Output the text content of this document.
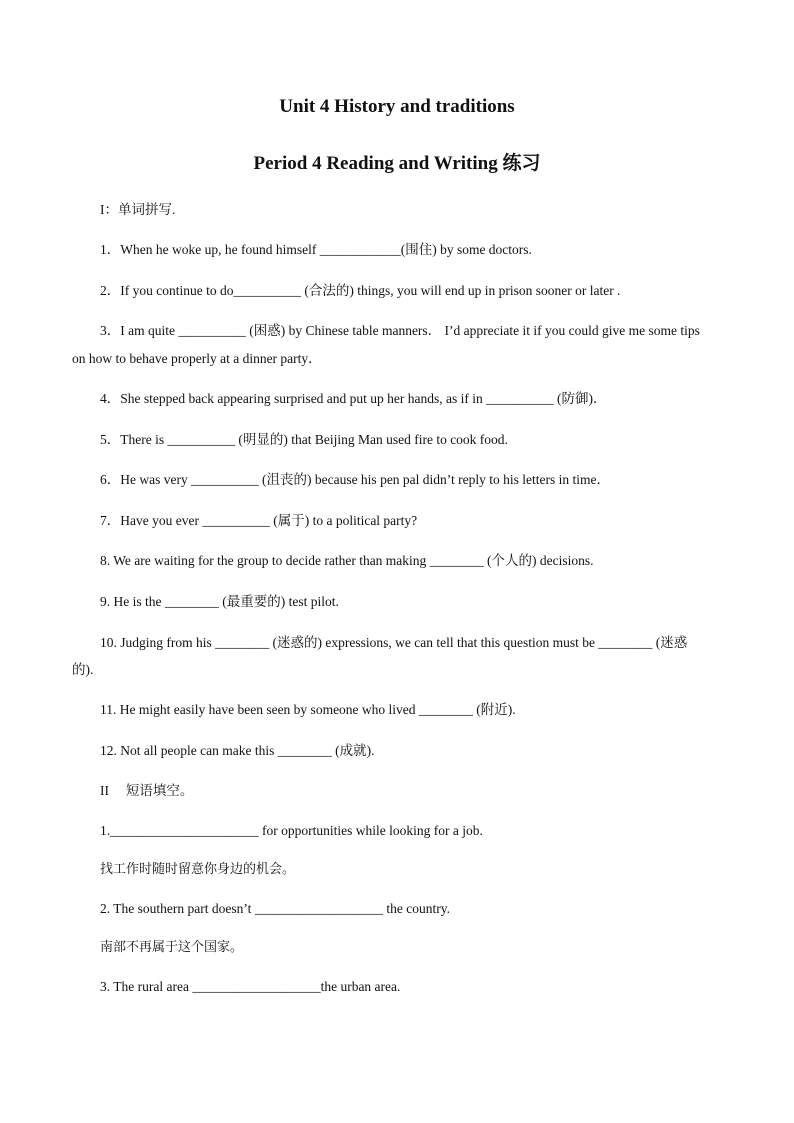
Unit 4 History and traditions
Period 4 Reading and Writing 练习
I：单词拼写.
1．When he woke up, he found himself ____________(围住) by some doctors.
2．If you continue to do__________ (合法的) things, you will end up in prison sooner or later .
3．I am quite __________ (困惑) by Chinese table manners． I’d appreciate it if you could give me some tips
on how to behave properly at a dinner party．
4．She stepped back appearing surprised and put up her hands, as if in __________ (防御)．
5．There is __________ (明显的) that Beijing Man used fire to cook food.
6．He was very __________ (沮丧的) because his pen pal didn’t reply to his letters in time．
7．Have you ever __________ (属于) to a political party?
8. We are waiting for the group to decide rather than making ________ (个人的) decisions.
9. He is the ________ (最重要的) test pilot.
10. Judging from his ________ (迷惑的) expressions, we can tell that this question must be ________ (迷惑
的).
11. He might easily have been seen by someone who lived ________ (附近).
12. Not all people can make this ________ (成就).
II 　短语填空。
1.______________________ for opportunities while looking for a job.
找工作时随时留意你身边的机会。
2. The southern part doesn’t ___________________ the country.
南部不再属于这个国家。
3. The rural area ___________________the urban area.
